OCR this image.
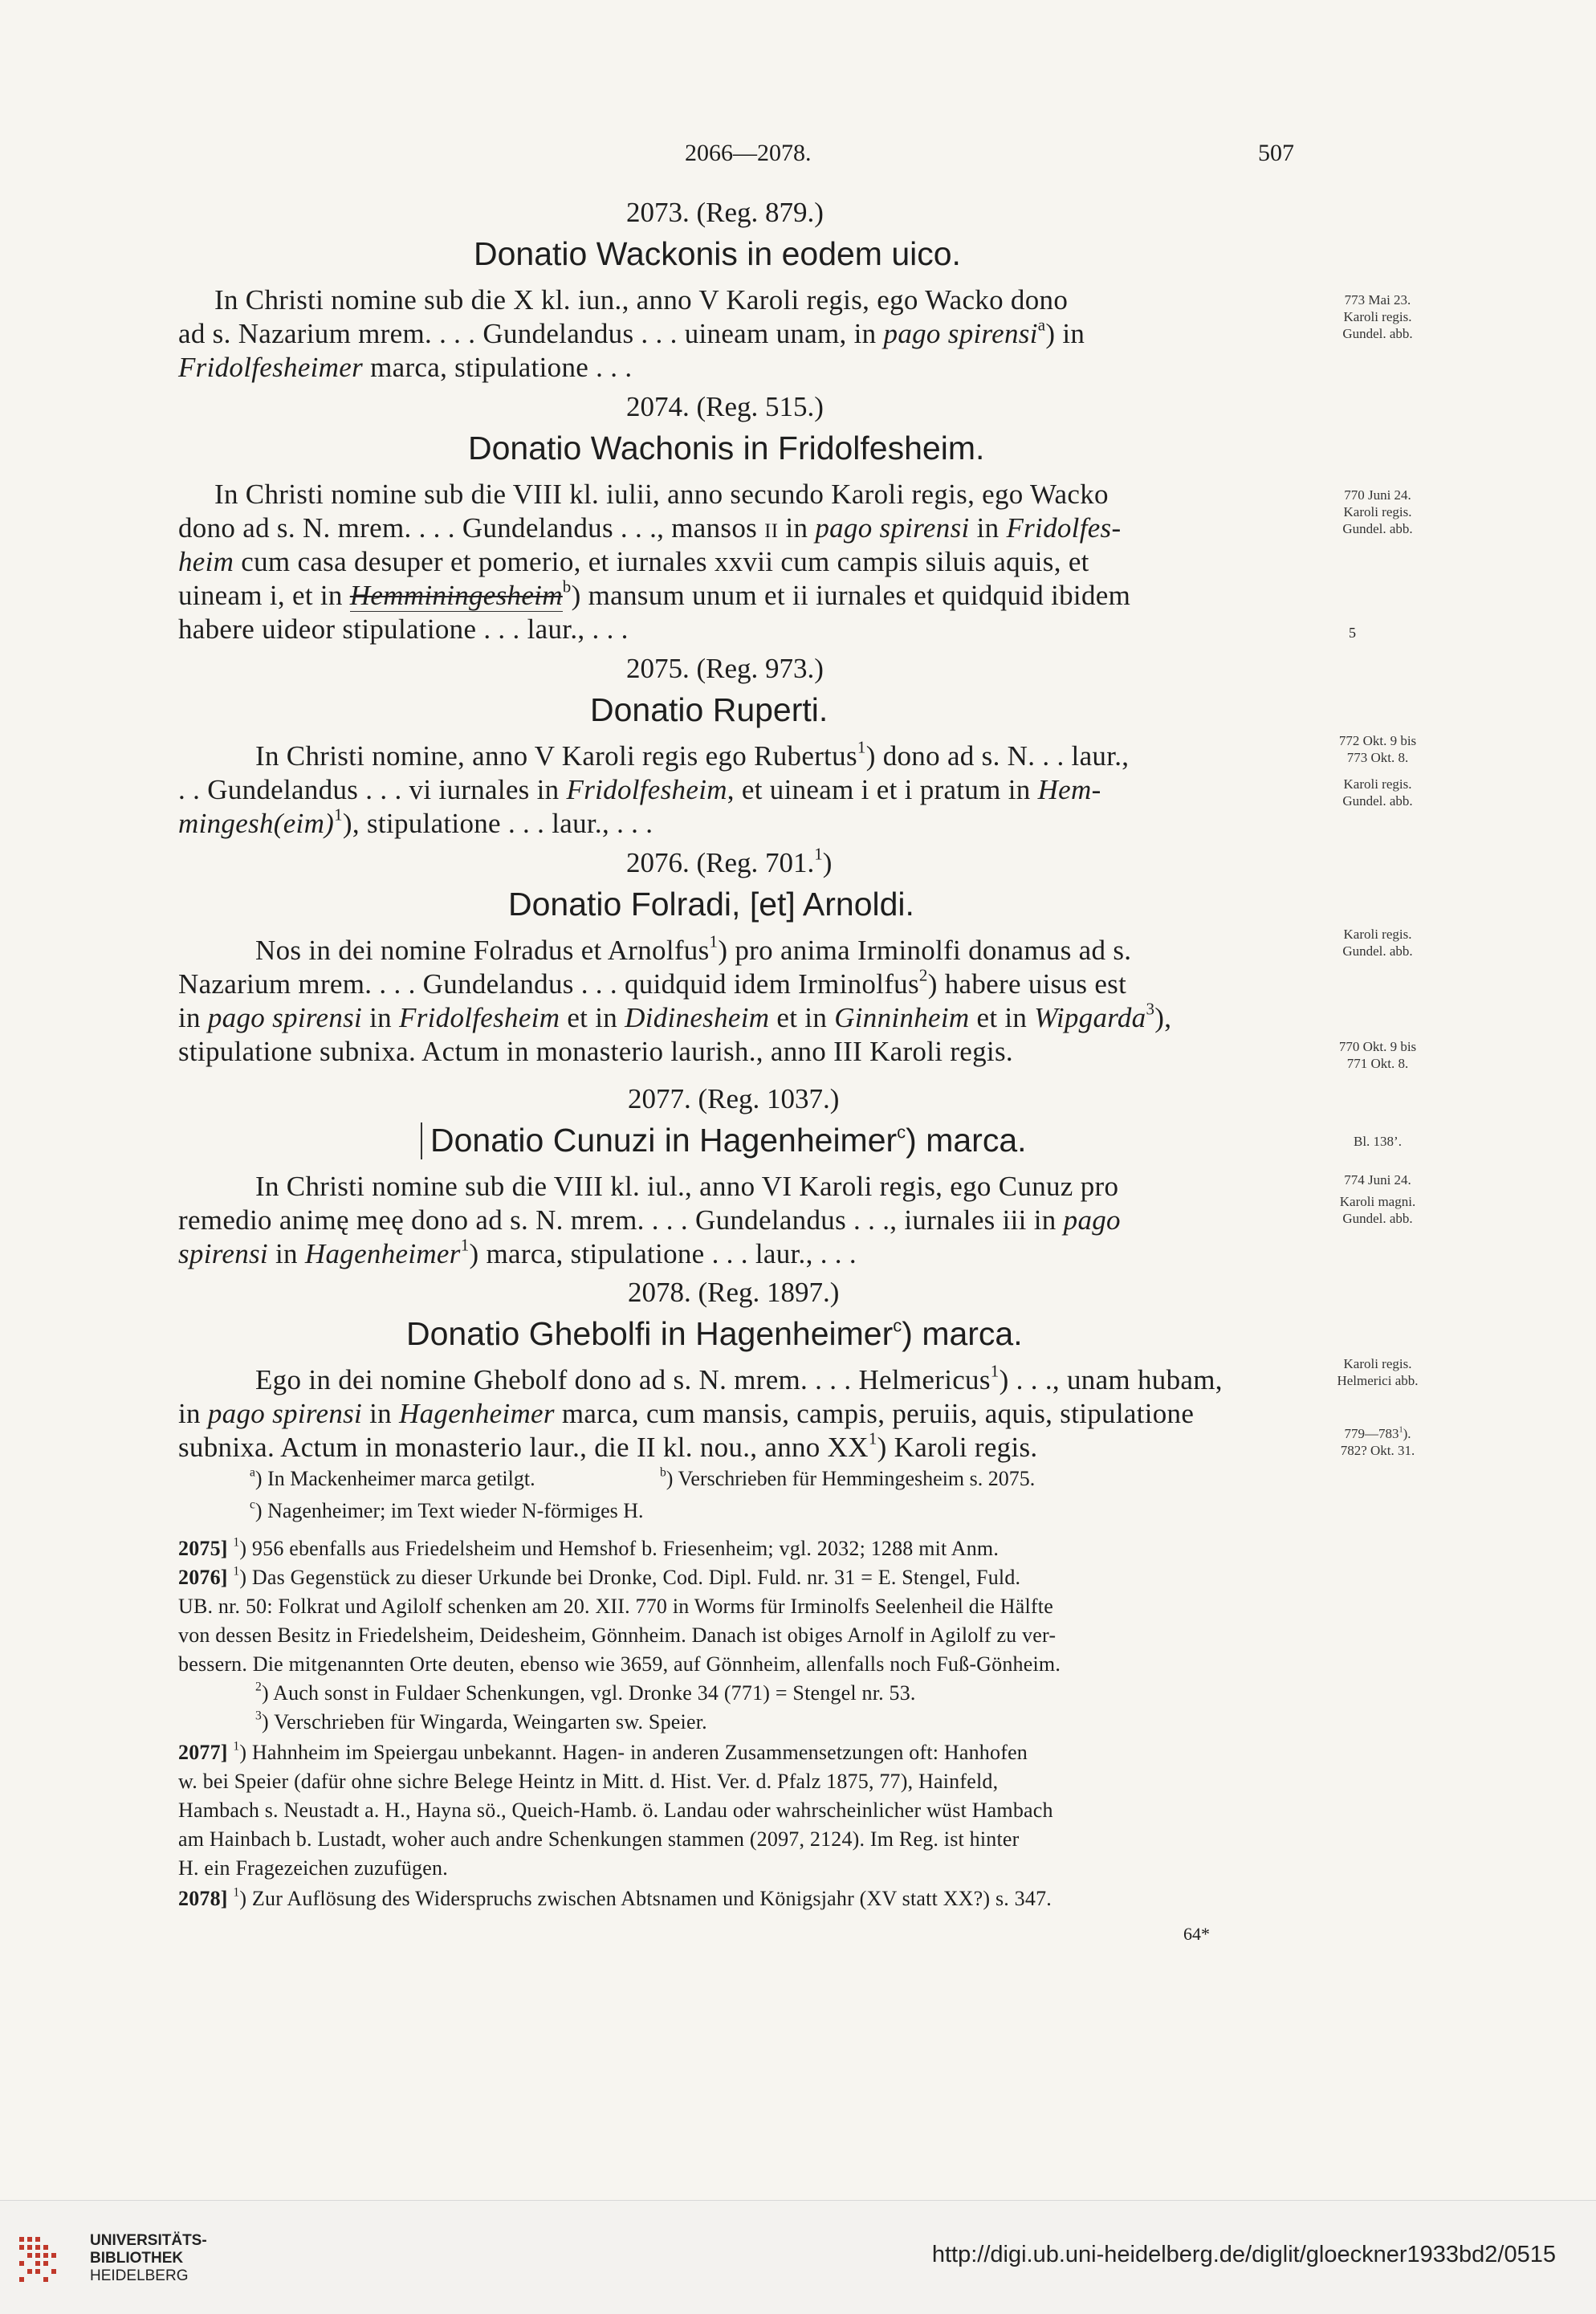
2066—2078.	507
2073. (Reg. 879.)
Donatio Wackonis in eodem uico.
In Christi nomine sub die X kl. iun., anno V Karoli regis, ego Wacko dono
ad s. Nazarium mrem. . . . Gundelandus . . . uineam unam, in pago spirensi$^a$) in
Fridolfesheimer marca, stipulatione . . .
773 Mai 23.
Karoli regis.
Gundel. abb.
2074. (Reg. 515.)
Donatio Wachonis in Fridolfesheim.
In Christi nomine sub die VIII kl. iulii, anno secundo Karoli regis, ego Wacko
dono ad s. N. mrem. . . . Gundelandus . . ., mansos ii in pago spirensi in Fridolfes-
heim cum casa desuper et pomerio, et iurnales xxvii cum campis siluis aquis, et
uineam i, et in Hemminingesheim$^b$) mansum unum et ii iurnales et quidquid ibidem
habere uideor stipulatione . . . laur., . . .
770 Juni 24.
Karoli regis.
Gundel. abb.
5
2075. (Reg. 973.)
Donatio Ruperti.
In Christi nomine, anno V Karoli regis ego Rubertus$^1$) dono ad s. N. . . laur.,
. . Gundelandus . . . vi iurnales in Fridolfesheim, et uineam i et i pratum in Hem-
mingesh(eim)$^1$), stipulatione . . . laur., . . .
772 Okt. 9 bis
773 Okt. 8.
Karoli regis.
Gundel. abb.
2076. (Reg. 701.$^1$)
Donatio Folradi, [et] Arnoldi.
Nos in dei nomine Folradus et Arnolfus$^1$) pro anima Irminolfi donamus ad s.
Nazarium mrem. . . . Gundelandus . . . quidquid idem Irminolfus$^2$) habere uisus est
in pago spirensi in Fridolfesheim et in Didinesheim et in Ginninheim et in Wipgarda$^3$),
stipulatione subnixa. Actum in monasterio laurish., anno III Karoli regis.
Karoli regis.
Gundel. abb.
770 Okt. 9 bis
771 Okt. 8.
2077. (Reg. 1037.)
Donatio Cunuzi in Hagenheimer$^c$) marca.
In Christi nomine sub die VIII kl. iul., anno VI Karoli regis, ego Cunuz pro
remedio animę meę dono ad s. N. mrem. . . . Gundelandus . . ., iurnales iii in pago
spirensi in Hagenheimer$^1$) marca, stipulatione . . . laur., . . .
Bl. 138’.
774 Juni 24.
Karoli magni.
Gundel. abb.
2078. (Reg. 1897.)
Donatio Ghebolfi in Hagenheimer$^c$) marca.
Ego in dei nomine Ghebolf dono ad s. N. mrem. . . . Helmericus$^1$) . . ., unam hubam,
in pago spirensi in Hagenheimer marca, cum mansis, campis, peruiis, aquis, stipulatione
subnixa. Actum in monasterio laur., die II kl. nou., anno $XX^1$) Karoli regis.
Karoli regis.
Helmerici abb.
$779—783^1$).
782? Okt. 31.
$^a$) In Mackenheimer marca getilgt.	$^b$) Verschrieben für Hemmingesheim s. 2075.
$^c$) Nagenheimer; im Text wieder N-förmiges H.
2075] $^1$) 956 ebenfalls aus Friedelsheim und Hemshof b. Friesenheim; vgl. 2032; 1288 mit Anm.
2076] $^1$) Das Gegenstück zu dieser Urkunde bei Dronke, Cod. Dipl. Fuld. nr. 31 = E. Stengel, Fuld.
UB. nr. 50: Folkrat und Agilolf schenken am 20. XII. 770 in Worms für Irminolfs Seelenheil die Hälfte
von dessen Besitz in Friedelsheim, Deidesheim, Gönnheim. Danach ist obiges Arnolf in Agilolf zu ver-
bessern. Die mitgenannten Orte deuten, ebenso wie 3659, auf Gönnheim, allenfalls noch Fuß-Gönheim.
$^2$) Auch sonst in Fuldaer Schenkungen, vgl. Dronke 34 (771) = Stengel nr. 53.
$^3$) Verschrieben für Wingarda, Weingarten sw. Speier.
2077] $^1$) Hahnheim im Speiergau unbekannt. Hagen- in anderen Zusammensetzungen oft: Hanhofen
w. bei Speier (dafür ohne sichre Belege Heintz in Mitt. d. Hist. Ver. d. Pfalz 1875, 77), Hainfeld,
Hambach s. Neustadt a. H., Hayna sö., Queich-Hamb. ö. Landau oder wahrscheinlicher wüst Hambach
am Hainbach b. Lustadt, woher auch andre Schenkungen stammen (2097, 2124). Im Reg. ist hinter
H. ein Fragezeichen zuzufügen.
2078] $^1$) Zur Auflösung des Widerspruchs zwischen Abtsnamen und Königsjahr (XV statt XX?) s. 347.
64*
UNIVERSITÄTS-
BIBLIOTHEK
HEIDELBERG
http://digi.ub.uni-heidelberg.de/diglit/gloeckner1933bd2/0515
